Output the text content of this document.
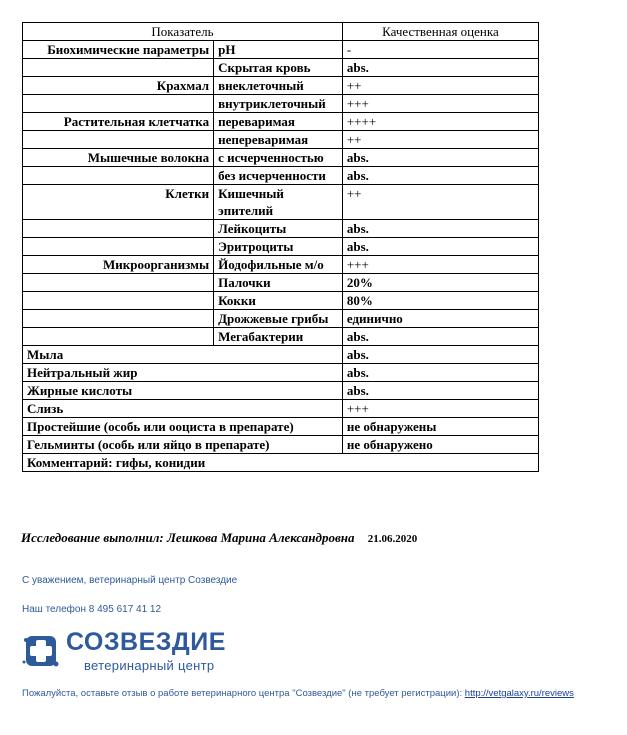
Показатель		Качественная оценка
Биохимические параметры	pH	-
	Скрытая кровь	abs.
Крахмал	внеклеточный	++
	внутриклеточный	+++
Растительная клетчатка	переваримая	++++
	непереваримая	++
Мышечные волокна	с исчерченностью	abs.
	без исчерченности	abs.
Клетки	Кишечный эпителий	++
	Лейкоциты	abs.
	Эритроциты	abs.
Микроорганизмы	Йодофильные м/о	+++
	Палочки	20%
	Кокки	80%
	Дрожжевые грибы	единично
	Мегабактерии	abs.
Мыла		abs.
Нейтральный жир		abs.
Жирные кислоты		abs.
Слизь		+++
Простейшие (особь или ооциста в препарате)		не обнаружены
Гельминты (особь или яйцо в препарате)		не обнаружено
Комментарий: гифы, конидии		
Исследование выполнил: Лешкова Марина Александровна 21.06.2020
С уважением, ветеринарный центр Созвездие
Наш телефон 8 495 617 41 12
СОЗВЕЗДИЕ
ветеринарный центр
Пожалуйста, оставьте отзыв о работе ветеринарного центра "Созвездие" (не требует регистрации): http://vetgalaxy.ru/reviews
